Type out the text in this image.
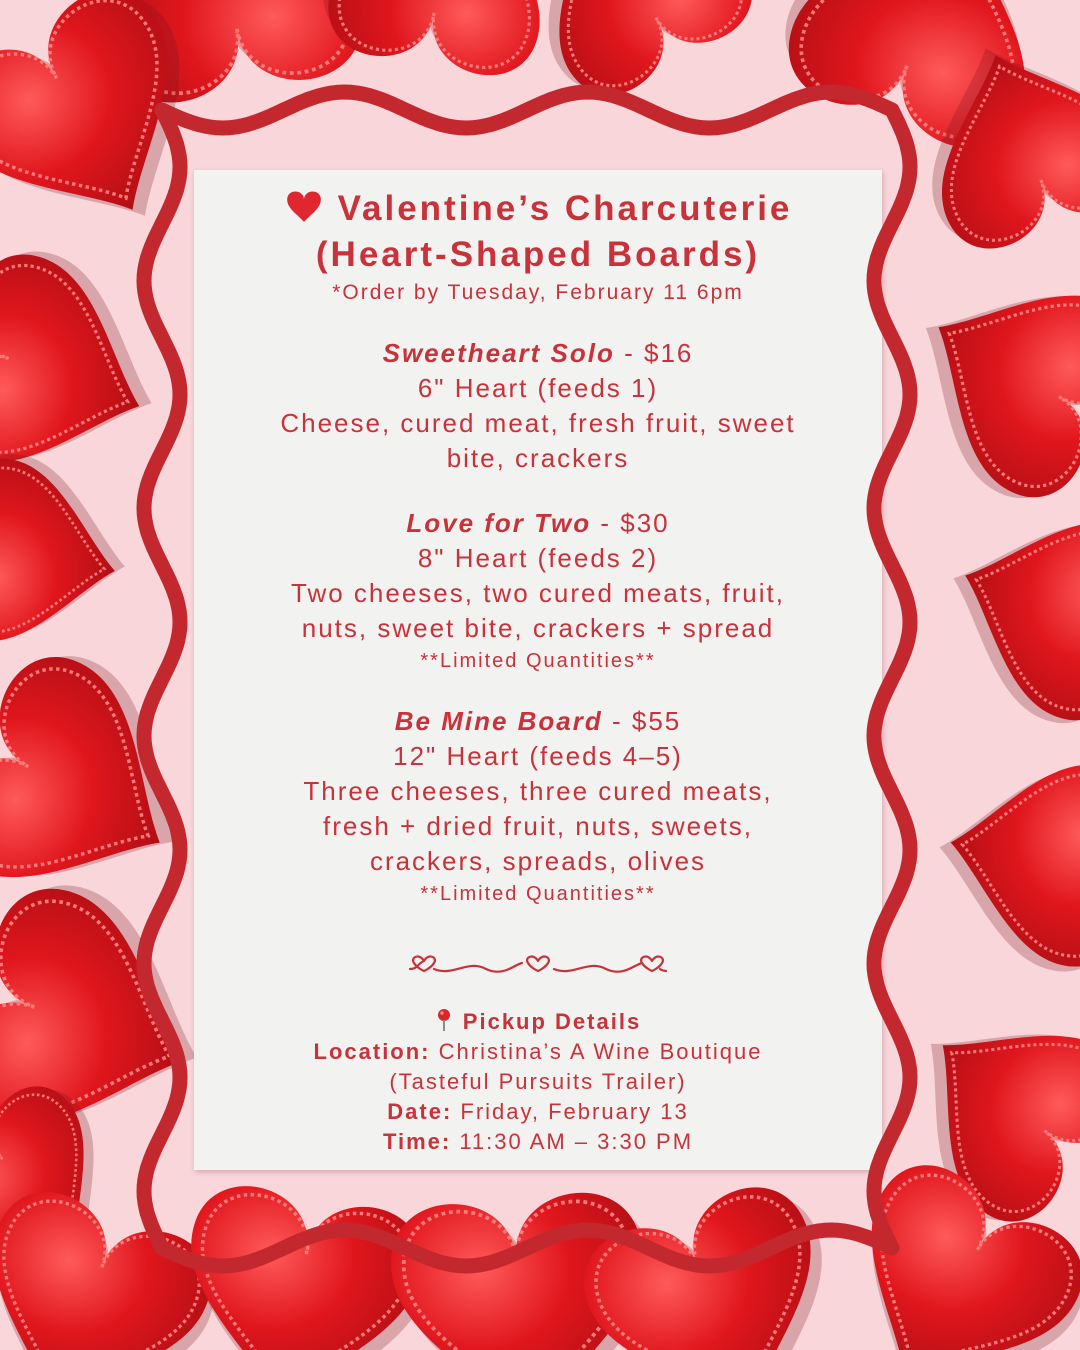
Valentine’s Charcuterie
(Heart-Shaped Boards)
*Order by Tuesday, February 11 6pm
Sweetheart Solo - $16
6" Heart (feeds 1)
Cheese, cured meat, fresh fruit, sweet
bite, crackers
Love for Two - $30
8" Heart (feeds 2)
Two cheeses, two cured meats, fruit,
nuts, sweet bite, crackers + spread
**Limited Quantities**
Be Mine Board - $55
12" Heart (feeds 4–5)
Three cheeses, three cured meats,
fresh + dried fruit, nuts, sweets,
crackers, spreads, olives
**Limited Quantities**
Pickup Details
Location: Christina’s A Wine Boutique
(Tasteful Pursuits Trailer)
Date: Friday, February 13
Time: 11:30 AM – 3:30 PM
